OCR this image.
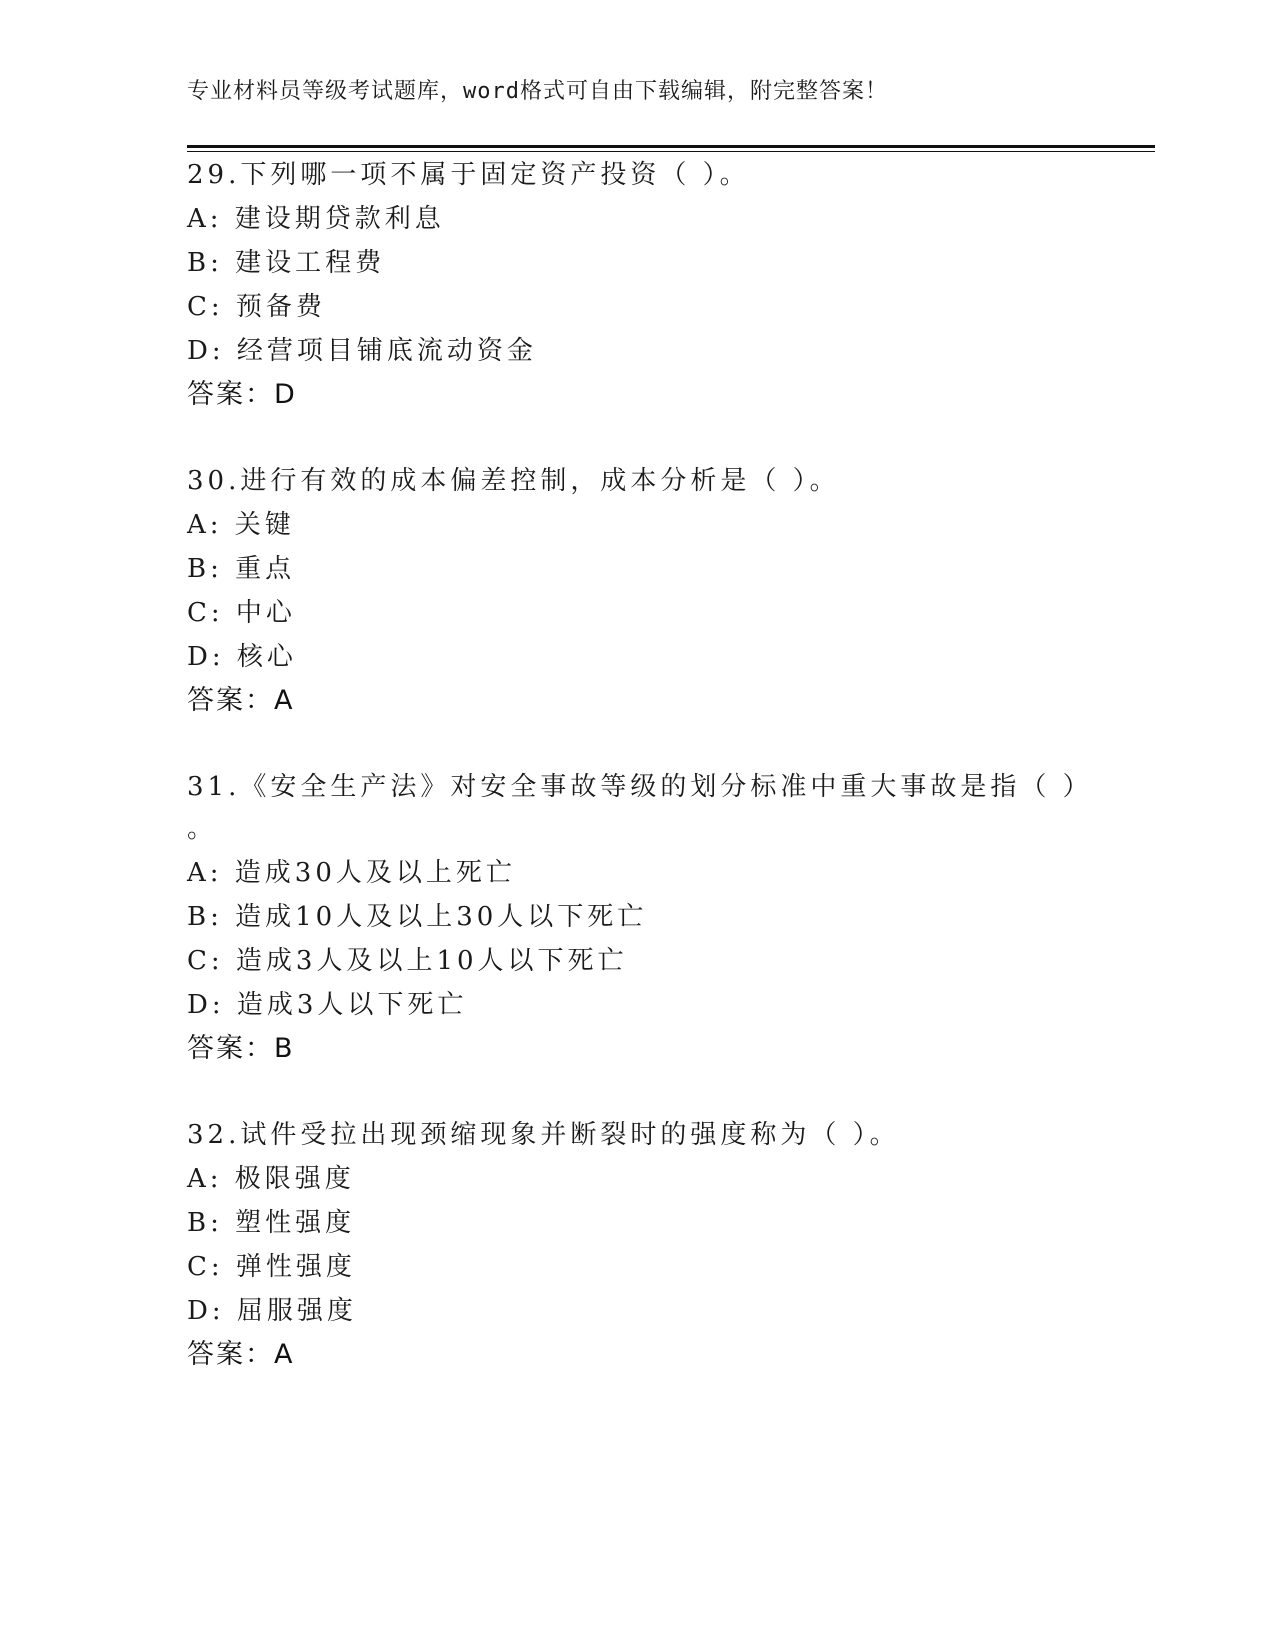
专业材料员等级考试题库，word格式可自由下载编辑，附完整答案！
29.下列哪一项不属于固定资产投资（ ）。
A: 建设期贷款利息
B: 建设工程费
C: 预备费
D: 经营项目铺底流动资金
答案：D
30.进行有效的成本偏差控制，成本分析是（ ）。
A: 关键
B: 重点
C: 中心
D: 核心
答案：A
31.《安全生产法》对安全事故等级的划分标准中重大事故是指（ ）
。
A: 造成30人及以上死亡
B: 造成10人及以上30人以下死亡
C: 造成3人及以上10人以下死亡
D: 造成3人以下死亡
答案：B
32.试件受拉出现颈缩现象并断裂时的强度称为（ ）。
A: 极限强度
B: 塑性强度
C: 弹性强度
D: 屈服强度
答案：A
